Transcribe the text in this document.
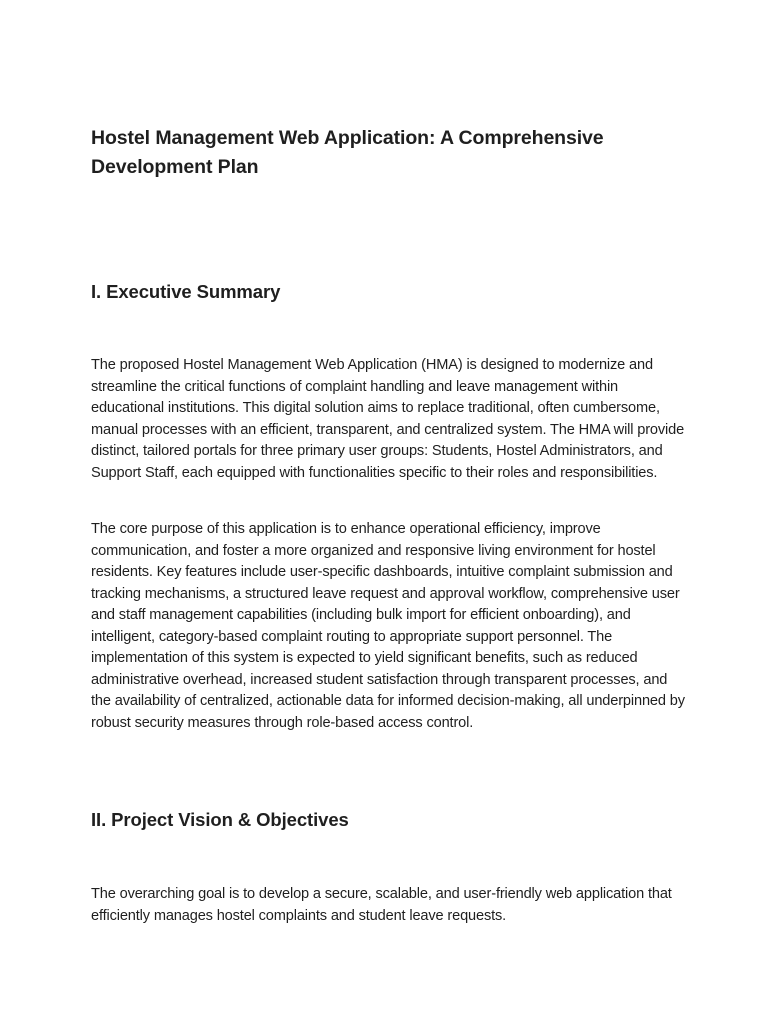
Hostel Management Web Application: A Comprehensive Development Plan
I. Executive Summary

The proposed Hostel Management Web Application (HMA) is designed to modernize and streamline the critical functions of complaint handling and leave management within educational institutions. This digital solution aims to replace traditional, often cumbersome, manual processes with an efficient, transparent, and centralized system. The HMA will provide distinct, tailored portals for three primary user groups: Students, Hostel Administrators, and Support Staff, each equipped with functionalities specific to their roles and responsibilities.

The core purpose of this application is to enhance operational efficiency, improve communication, and foster a more organized and responsive living environment for hostel residents. Key features include user-specific dashboards, intuitive complaint submission and tracking mechanisms, a structured leave request and approval workflow, comprehensive user and staff management capabilities (including bulk import for efficient onboarding), and intelligent, category-based complaint routing to appropriate support personnel. The implementation of this system is expected to yield significant benefits, such as reduced administrative overhead, increased student satisfaction through transparent processes, and the availability of centralized, actionable data for informed decision-making, all underpinned by robust security measures through role-based access control.

II. Project Vision & Objectives

The overarching goal is to develop a secure, scalable, and user-friendly web application that efficiently manages hostel complaints and student leave requests.
